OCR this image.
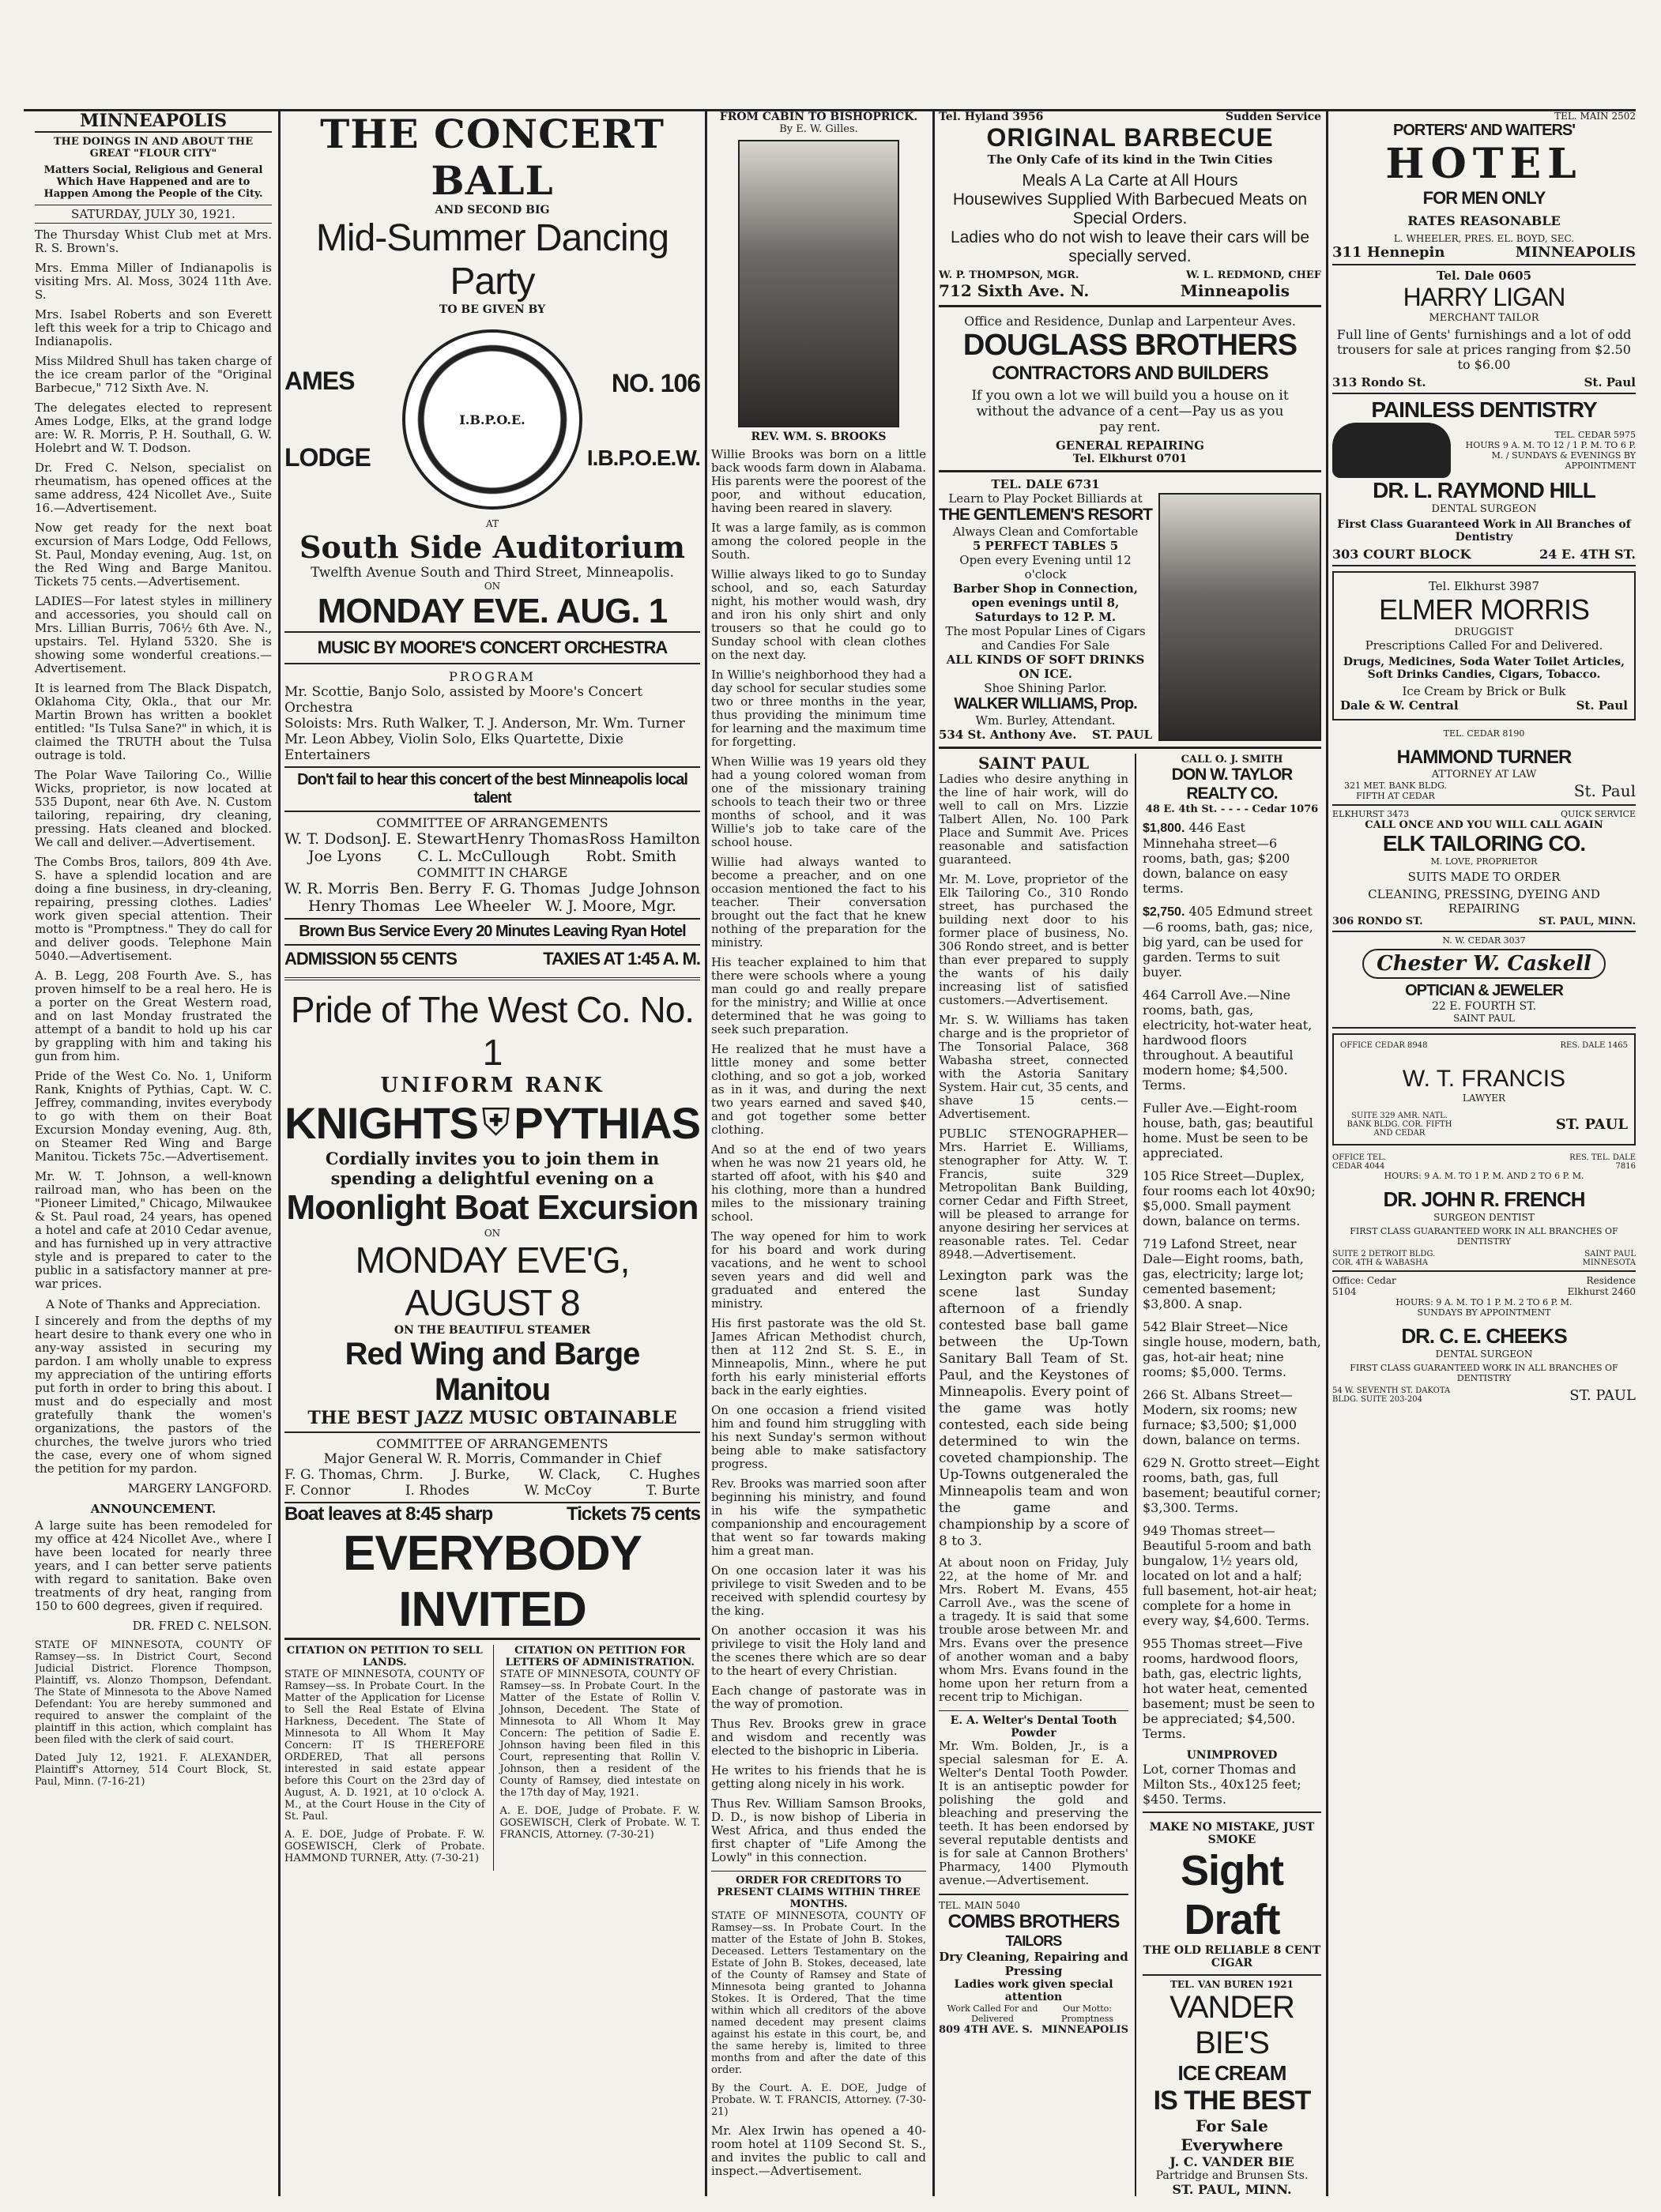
MINNEAPOLIS
THE DOINGS IN AND ABOUT THE GREAT "FLOUR CITY"
Matters Social, Religious and General Which Have Happened and are to Happen Among the People of the City.
SATURDAY, JULY 30, 1921.

The Thursday Whist Club met at Mrs. R. S. Brown's.

Mrs. Emma Miller of Indianapolis is visiting Mrs. Al. Moss, 3024 11th Ave. S.

Mrs. Isabel Roberts and son Everett left this week for a trip to Chicago and Indianapolis.

Miss Mildred Shull has taken charge of the ice cream parlor of the "Original Barbecue," 712 Sixth Ave. N.

The delegates elected to represent Ames Lodge, Elks, at the grand lodge are: W. R. Morris, P. H. Southall, G. W. Holebrt and W. T. Dodson.

Dr. Fred C. Nelson, specialist on rheumatism, has opened offices at the same address, 424 Nicollet Ave., Suite 16.—Advertisement.

Now get ready for the next boat excursion of Mars Lodge, Odd Fellows, St. Paul, Monday evening, Aug. 1st, on the Red Wing and Barge Manitou. Tickets 75 cents.—Advertisement.

LADIES—For latest styles in millinery and accessories, you should call on Mrs. Lillian Burris, 706½ 6th Ave. N., upstairs. Tel. Hyland 5320. She is showing some wonderful creations.—Advertisement.

It is learned from The Black Dispatch, Oklahoma City, Okla., that our Mr. Martin Brown has written a booklet entitled: "Is Tulsa Sane?" in which, it is claimed the TRUTH about the Tulsa outrage is told.

The Polar Wave Tailoring Co., Willie Wicks, proprietor, is now located at 535 Dupont, near 6th Ave. N. Custom tailoring, repairing, dry cleaning, pressing. Hats cleaned and blocked. We call and deliver.—Advertisement.

The Combs Bros, tailors, 809 4th Ave. S. have a splendid location and are doing a fine business, in dry-cleaning, repairing, pressing clothes. Ladies' work given special attention. Their motto is "Promptness." They do call for and deliver goods. Telephone Main 5040.—Advertisement.

A. B. Legg, 208 Fourth Ave. S., has proven himself to be a real hero. He is a porter on the Great Western road, and on last Monday frustrated the attempt of a bandit to hold up his car by grappling with him and taking his gun from him.

Pride of the West Co. No. 1, Uniform Rank, Knights of Pythias, Capt. W. C. Jeffrey, commanding, invites everybody to go with them on their Boat Excursion Monday evening, Aug. 8th, on Steamer Red Wing and Barge Manitou. Tickets 75c.—Advertisement.

Mr. W. T. Johnson, a well-known railroad man, who has been on the "Pioneer Limited," Chicago, Milwaukee & St. Paul road, 24 years, has opened a hotel and cafe at 2010 Cedar avenue, and has furnished up in very attractive style and is prepared to cater to the public in a satisfactory manner at pre-war prices.

A Note of Thanks and Appreciation.

I sincerely and from the depths of my heart desire to thank every one who in any-way assisted in securing my pardon. I am wholly unable to express my appreciation of the untiring efforts put forth in order to bring this about. I must and do especially and most gratefully thank the women's organizations, the pastors of the churches, the twelve jurors who tried the case, every one of whom signed the petition for my pardon.

MARGERY LANGFORD.

ANNOUNCEMENT.

A large suite has been remodeled for my office at 424 Nicollet Ave., where I have been located for nearly three years, and I can better serve patients with regard to sanitation. Bake oven treatments of dry heat, ranging from 150 to 600 degrees, given if required.

DR. FRED C. NELSON.

STATE OF MINNESOTA, COUNTY OF Ramsey—ss. In District Court, Second Judicial District. Florence Thompson, Plaintiff, vs. Alonzo Thompson, Defendant. The State of Minnesota to the Above Named Defendant: You are hereby summoned and required to answer the complaint of the plaintiff in this action, which complaint has been filed with the clerk of said court.

Dated July 12, 1921. F. ALEXANDER, Plaintiff's Attorney, 514 Court Block, St. Paul, Minn. (7-16-21)

THE CONCERT BALL
AND SECOND BIG
Mid-Summer Dancing Party
TO BE GIVEN BY
AMES
LODGE
I.B.P.O.E.
NO. 106
I.B.P.O.E.W.
AT
South Side Auditorium
Twelfth Avenue South and Third Street, Minneapolis.
ON
MONDAY EVE. AUG. 1
MUSIC BY MOORE'S CONCERT ORCHESTRA
PROGRAM
Mr. Scottie, Banjo Solo, assisted by Moore's Concert Orchestra
Soloists: Mrs. Ruth Walker, T. J. Anderson, Mr. Wm. Turner
Mr. Leon Abbey, Violin Solo, Elks Quartette, Dixie Entertainers
Don't fail to hear this concert of the best Minneapolis local talent
COMMITTEE OF ARRANGEMENTS
W. T. Dodson J. E. Stewart Henry Thomas Ross Hamilton
Joe Lyons C. L. McCullough Robt. Smith
COMMITT IN CHARGE
W. R. Morris Ben. Berry F. G. Thomas Judge Johnson
Henry Thomas Lee Wheeler W. J. Moore, Mgr.
Brown Bus Service Every 20 Minutes Leaving Ryan Hotel
ADMISSION 55 CENTS	TAXIES AT 1:45 A. M.
Pride of The West Co. No. 1
UNIFORM RANK
KNIGHTS ⛨ PYTHIAS
Cordially invites you to join them in spending a delightful evening on a
Moonlight Boat Excursion
ON
MONDAY EVE'G, AUGUST 8
ON THE BEAUTIFUL STEAMER
Red Wing and Barge Manitou
THE BEST JAZZ MUSIC OBTAINABLE
COMMITTEE OF ARRANGEMENTS
Major General W. R. Morris, Commander in Chief
F. G. Thomas, Chrm. J. Burke, W. Clack, C. Hughes
F. Connor	I. Rhodes	W. McCoy	T. Burte
Boat leaves at 8:45 sharp	Tickets 75 cents
EVERYBODY INVITED
CITATION ON PETITION TO SELL LANDS.

STATE OF MINNESOTA, COUNTY OF Ramsey—ss. In Probate Court. In the Matter of the Application for License to Sell the Real Estate of Elvina Harkness, Decedent. The State of Minnesota to All Whom It May Concern: IT IS THEREFORE ORDERED, That all persons interested in said estate appear before this Court on the 23rd day of August, A. D. 1921, at 10 o'clock A. M., at the Court House in the City of St. Paul.

A. E. DOE, Judge of Probate. F. W. GOSEWISCH, Clerk of Probate. HAMMOND TURNER, Atty. (7-30-21)

CITATION ON PETITION FOR LETTERS OF ADMINISTRATION.

STATE OF MINNESOTA, COUNTY OF Ramsey—ss. In Probate Court. In the Matter of the Estate of Rollin V. Johnson, Decedent. The State of Minnesota to All Whom It May Concern: The petition of Sadie E. Johnson having been filed in this Court, representing that Rollin V. Johnson, then a resident of the County of Ramsey, died intestate on the 17th day of May, 1921.

A. E. DOE, Judge of Probate. F. W. GOSEWISCH, Clerk of Probate. W. T. FRANCIS, Attorney. (7-30-21)

FROM CABIN TO BISHOPRICK.
By E. W. Gilles.
REV. WM. S. BROOKS

Willie Brooks was born on a little back woods farm down in Alabama. His parents were the poorest of the poor, and without education, having been reared in slavery.

It was a large family, as is common among the colored people in the South.

Willie always liked to go to Sunday school, and so, each Saturday night, his mother would wash, dry and iron his only shirt and only trousers so that he could go to Sunday school with clean clothes on the next day.

In Willie's neighborhood they had a day school for secular studies some two or three months in the year, thus providing the minimum time for learning and the maximum time for forgetting.

When Willie was 19 years old they had a young colored woman from one of the missionary training schools to teach their two or three months of school, and it was Willie's job to take care of the school house.

Willie had always wanted to become a preacher, and on one occasion mentioned the fact to his teacher. Their conversation brought out the fact that he knew nothing of the preparation for the ministry.

His teacher explained to him that there were schools where a young man could go and really prepare for the ministry; and Willie at once determined that he was going to seek such preparation.

He realized that he must have a little money and some better clothing, and so got a job, worked as in it was, and during the next two years earned and saved $40, and got together some better clothing.

And so at the end of two years when he was now 21 years old, he started off afoot, with his $40 and his clothing, more than a hundred miles to the missionary training school.

The way opened for him to work for his board and work during vacations, and he went to school seven years and did well and graduated and entered the ministry.

His first pastorate was the old St. James African Methodist church, then at 112 2nd St. S. E., in Minneapolis, Minn., where he put forth his early ministerial efforts back in the early eighties.

On one occasion a friend visited him and found him struggling with his next Sunday's sermon without being able to make satisfactory progress.

Rev. Brooks was married soon after beginning his ministry, and found in his wife the sympathetic companionship and encouragement that went so far towards making him a great man.

On one occasion later it was his privilege to visit Sweden and to be received with splendid courtesy by the king.

On another occasion it was his privilege to visit the Holy land and the scenes there which are so dear to the heart of every Christian.

Each change of pastorate was in the way of promotion.

Thus Rev. Brooks grew in grace and wisdom and recently was elected to the bishopric in Liberia.

He writes to his friends that he is getting along nicely in his work.

Thus Rev. William Samson Brooks, D. D., is now bishop of Liberia in West Africa, and thus ended the first chapter of "Life Among the Lowly" in this connection.

ORDER FOR CREDITORS TO PRESENT CLAIMS WITHIN THREE MONTHS.

STATE OF MINNESOTA, COUNTY OF Ramsey—ss. In Probate Court. In the matter of the Estate of John B. Stokes, Deceased. Letters Testamentary on the Estate of John B. Stokes, deceased, late of the County of Ramsey and State of Minnesota being granted to Johanna Stokes. It is Ordered, That the time within which all creditors of the above named decedent may present claims against his estate in this court, be, and the same hereby is, limited to three months from and after the date of this order.

By the Court. A. E. DOE, Judge of Probate. W. T. FRANCIS, Attorney. (7-30-21)

Mr. Alex Irwin has opened a 40-room hotel at 1109 Second St. S., and invites the public to call and inspect.—Advertisement.

Tel. Hyland 3956	Sudden Service
ORIGINAL BARBECUE
The Only Cafe of its kind in the Twin Cities
Meals A La Carte at All Hours
Housewives Supplied With Barbecued Meats on Special Orders.
Ladies who do not wish to leave their cars will be specially served.
W. P. THOMPSON, MGR.	W. L. REDMOND, CHEF
712 Sixth Ave. N.	Minneapolis
Office and Residence, Dunlap and Larpenteur Aves.
DOUGLASS BROTHERS
CONTRACTORS AND BUILDERS
If you own a lot we will build you a house on it without the advance of a cent—Pay us as you pay rent.
GENERAL REPAIRING
Tel. Elkhurst 0701
TEL. DALE 6731
Learn to Play Pocket Billiards at
THE GENTLEMEN'S RESORT
Always Clean and Comfortable
5 PERFECT TABLES 5
Open every Evening until 12 o'clock
Barber Shop in Connection, open evenings until 8, Saturdays to 12 P. M.
The most Popular Lines of Cigars and Candies For Sale
ALL KINDS OF SOFT DRINKS ON ICE.
Shoe Shining Parlor.
WALKER WILLIAMS, Prop.
Wm. Burley, Attendant.
534 St. Anthony Ave. ST. PAUL
SAINT PAUL

Ladies who desire anything in the line of hair work, will do well to call on Mrs. Lizzie Talbert Allen, No. 100 Park Place and Summit Ave. Prices reasonable and satisfaction guaranteed.

Mr. M. Love, proprietor of the Elk Tailoring Co., 310 Rondo street, has purchased the building next door to his former place of business, No. 306 Rondo street, and is better than ever prepared to supply the wants of his daily increasing list of satisfied customers.—Advertisement.

Mr. S. W. Williams has taken charge and is the proprietor of The Tonsorial Palace, 368 Wabasha street, connected with the Astoria Sanitary System. Hair cut, 35 cents, and shave 15 cents.—Advertisement.

PUBLIC STENOGRAPHER—Mrs. Harriet E. Williams, stenographer for Atty. W. T. Francis, suite 329 Metropolitan Bank Building, corner Cedar and Fifth Street, will be pleased to arrange for anyone desiring her services at reasonable rates. Tel. Cedar 8948.—Advertisement.

Lexington park was the scene last Sunday afternoon of a friendly contested base ball game between the Up-Town Sanitary Ball Team of St. Paul, and the Keystones of Minneapolis. Every point of the game was hotly contested, each side being determined to win the coveted championship. The Up-Towns outgeneraled the Minneapolis team and won the game and championship by a score of 8 to 3.

At about noon on Friday, July 22, at the home of Mr. and Mrs. Robert M. Evans, 455 Carroll Ave., was the scene of a tragedy. It is said that some trouble arose between Mr. and Mrs. Evans over the presence of another woman and a baby whom Mrs. Evans found in the home upon her return from a recent trip to Michigan.

E. A. Welter's Dental Tooth Powder

Mr. Wm. Bolden, Jr., is a special salesman for E. A. Welter's Dental Tooth Powder. It is an antiseptic powder for polishing the gold and bleaching and preserving the teeth. It has been endorsed by several reputable dentists and is for sale at Cannon Brothers' Pharmacy, 1400 Plymouth avenue.—Advertisement.

TEL. MAIN 5040
COMBS BROTHERS
TAILORS
Dry Cleaning, Repairing and Pressing
Ladies work given special attention
Work Called For and Delivered
Our Motto: Promptness
809 4TH AVE. S. MINNEAPOLIS
CALL O. J. SMITH
DON W. TAYLOR REALTY CO.
48 E. 4th St. - - - - Cedar 1076
$1,800. 446 East Minnehaha street—6 rooms, bath, gas; $200 down, balance on easy terms.
$2,750. 405 Edmund street—6 rooms, bath, gas; nice, big yard, can be used for garden. Terms to suit buyer.
464 Carroll Ave.—Nine rooms, bath, gas, electricity, hot-water heat, hardwood floors throughout. A beautiful modern home; $4,500. Terms.
Fuller Ave.—Eight-room house, bath, gas; beautiful home. Must be seen to be appreciated.
105 Rice Street—Duplex, four rooms each lot 40x90; $5,000. Small payment down, balance on terms.
719 Lafond Street, near Dale—Eight rooms, bath, gas, electricity; large lot; cemented basement; $3,800. A snap.
542 Blair Street—Nice single house, modern, bath, gas, hot-air heat; nine rooms; $5,000. Terms.
266 St. Albans Street—Modern, six rooms; new furnace; $3,500; $1,000 down, balance on terms.
629 N. Grotto street—Eight rooms, bath, gas, full basement; beautiful corner; $3,300. Terms.
949 Thomas street—Beautiful 5-room and bath bungalow, 1½ years old, located on lot and a half; full basement, hot-air heat; complete for a home in every way, $4,600. Terms.
955 Thomas street—Five rooms, hardwood floors, bath, gas, electric lights, hot water heat, cemented basement; must be seen to be appreciated; $4,500. Terms.
UNIMPROVED
Lot, corner Thomas and Milton Sts., 40x125 feet; $450. Terms.
MAKE NO MISTAKE, JUST SMOKE
Sight Draft
THE OLD RELIABLE 8 CENT CIGAR
TEL. VAN BUREN 1921
VANDER BIE'S
ICE CREAM
IS THE BEST
For Sale Everywhere
J. C. VANDER BIE
Partridge and Brunsen Sts.
ST. PAUL, MINN.
TEL. MAIN 2502
PORTERS' AND WAITERS'
HOTEL
FOR MEN ONLY
RATES REASONABLE
L. WHEELER, PRES. EL. BOYD, SEC.
311 Hennepin	MINNEAPOLIS
Tel. Dale 0605
HARRY LIGAN
MERCHANT TAILOR
Full line of Gents' furnishings and a lot of odd trousers for sale at prices ranging from $2.50 to $6.00
313 Rondo St.	St. Paul
PAINLESS DENTISTRY
TEL. CEDAR 5975
HOURS 9 A. M. TO 12 / 1 P. M. TO 6 P. M. / SUNDAYS & EVENINGS BY APPOINTMENT
DR. L. RAYMOND HILL
DENTAL SURGEON
First Class Guaranteed Work in All Branches of Dentistry
303 COURT BLOCK	24 E. 4TH ST.
Tel. Elkhurst 3987
ELMER MORRIS
DRUGGIST
Prescriptions Called For and Delivered.
Drugs, Medicines, Soda Water Toilet Articles, Soft Drinks Candies, Cigars, Tobacco.
Ice Cream by Brick or Bulk
Dale & W. Central	St. Paul
TEL. CEDAR 8190
HAMMOND TURNER
ATTORNEY AT LAW
321 MET. BANK BLDG. FIFTH AT CEDAR	St. Paul
ELKHURST 3473	QUICK SERVICE
CALL ONCE AND YOU WILL CALL AGAIN
ELK TAILORING CO.
M. LOVE, PROPRIETOR
SUITS MADE TO ORDER
CLEANING, PRESSING, DYEING AND REPAIRING
306 RONDO ST.	ST. PAUL, MINN.
N. W. CEDAR 3037
Chester W. Caskell
OPTICIAN & JEWELER
22 E. FOURTH ST.
SAINT PAUL
OFFICE CEDAR 8948	RES. DALE 1465
W. T. FRANCIS
LAWYER
SUITE 329 AMR. NATL. BANK BLDG. COR. FIFTH AND CEDAR
ST. PAUL
OFFICE TEL. CEDAR 4044
RES. TEL. DALE 7816
HOURS: 9 A. M. TO 1 P. M. AND 2 TO 6 P. M.
DR. JOHN R. FRENCH
SURGEON DENTIST
FIRST CLASS GUARANTEED WORK IN ALL BRANCHES OF DENTISTRY
SUITE 2 DETROIT BLDG. COR. 4TH & WABASHA
SAINT PAUL MINNESOTA
Office: Cedar 5104
Residence Elkhurst 2460
HOURS: 9 A. M. TO 1 P. M. 2 TO 6 P. M.
SUNDAYS BY APPOINTMENT
DR. C. E. CHEEKS
DENTAL SURGEON
FIRST CLASS GUARANTEED WORK IN ALL BRANCHES OF DENTISTRY
54 W. SEVENTH ST. DAKOTA BLDG. SUITE 203-204	ST. PAUL
